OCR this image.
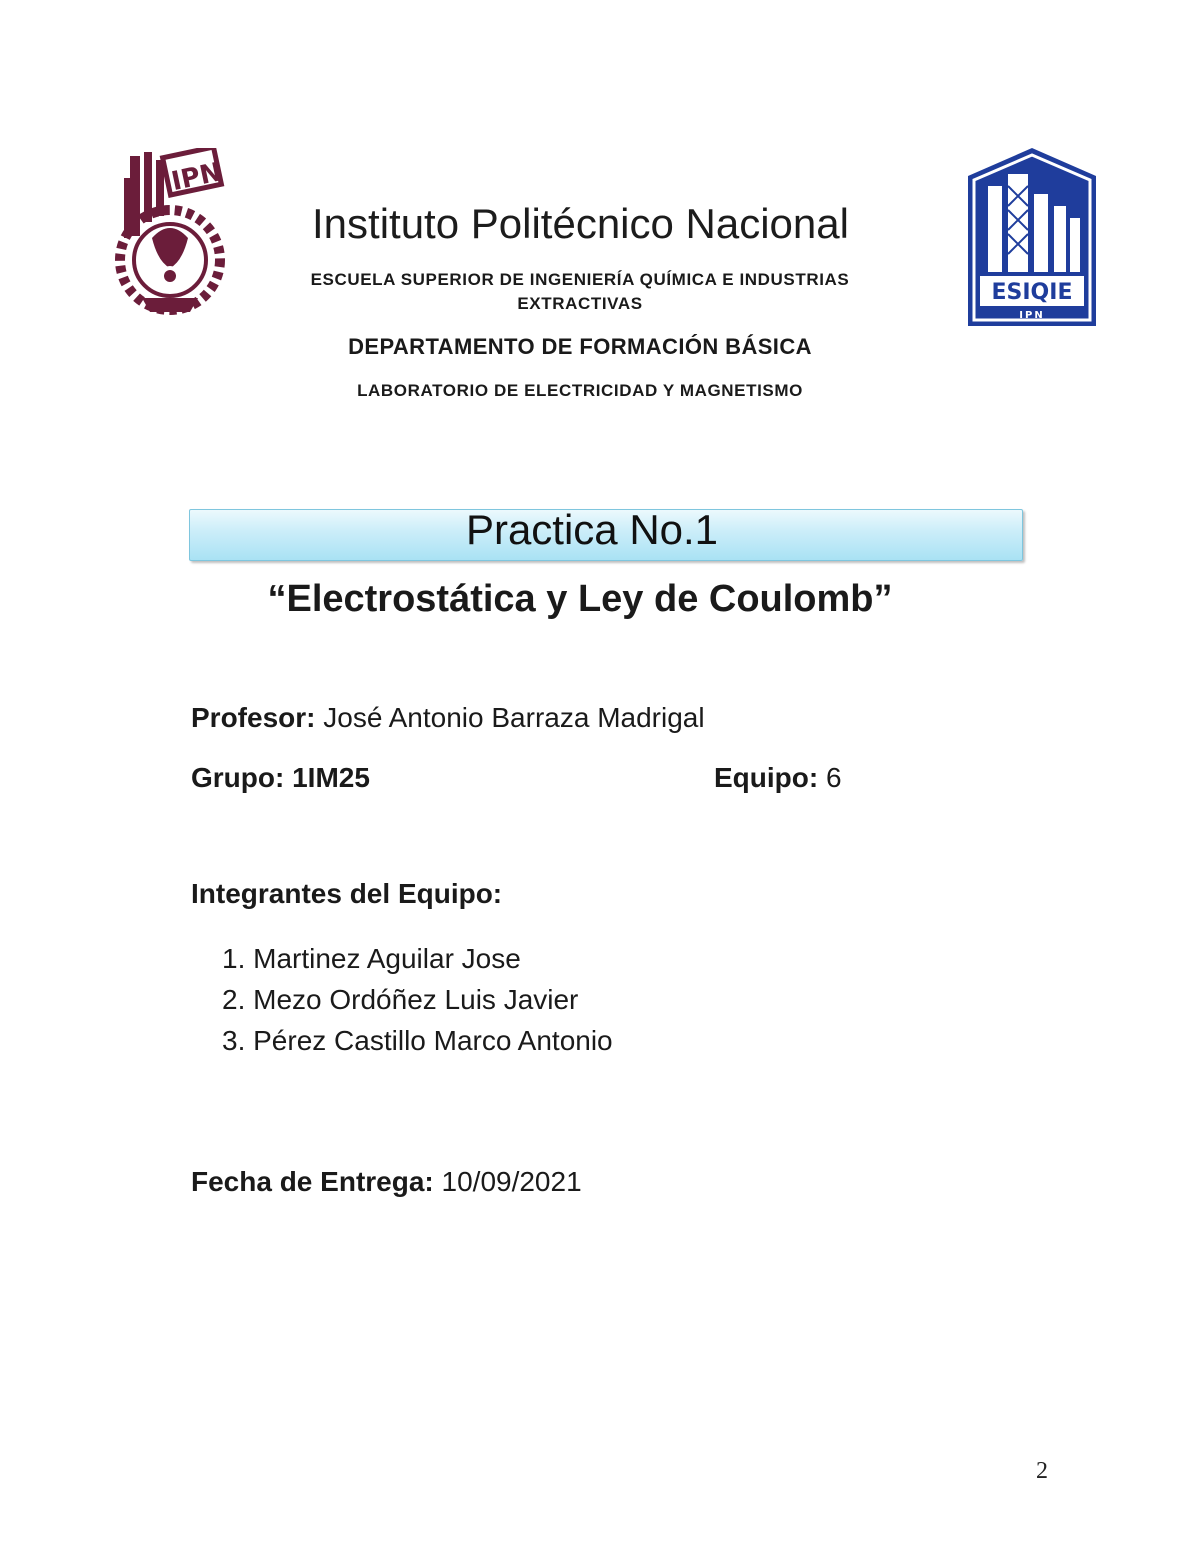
IPN
ESIQIE
IPN
Instituto Politécnico Nacional
ESCUELA SUPERIOR DE INGENIERÍA QUÍMICA E INDUSTRIAS EXTRACTIVAS
DEPARTAMENTO DE FORMACIÓN BÁSICA
LABORATORIO DE ELECTRICIDAD Y MAGNETISMO
Practica No.1
“Electrostática y Ley de Coulomb”
Profesor: José Antonio Barraza Madrigal
Grupo: 1IM25	Equipo: 6
Integrantes del Equipo:
1. Martinez Aguilar Jose
2. Mezo Ordóñez Luis Javier
3. Pérez Castillo Marco Antonio
Fecha de Entrega: 10/09/2021
2
